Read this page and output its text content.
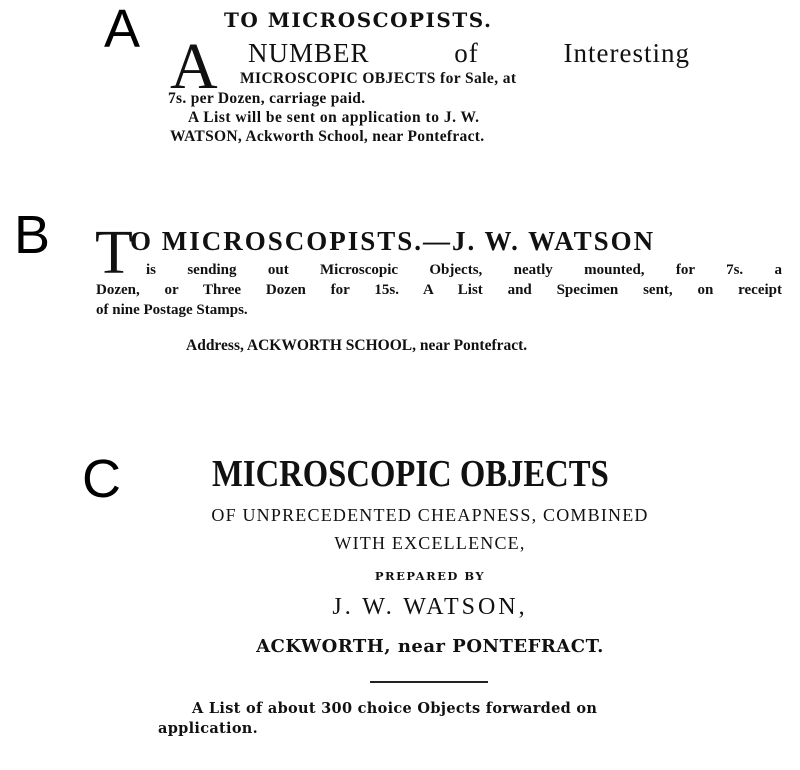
A	TO MICROSCOPISTS.
A NUMBER	of	Interesting
MICROSCOPIC OBJECTS for Sale, at
7s. per Dozen, carriage paid.
A List will be sent on application to J. W.
WATSON, Ackworth School, near Pontefract.
B T
O MICROSCOPISTS.—J. W. WATSON
is sending out Microscopic Objects, neatly mounted, for 7s. a
Dozen, or Three Dozen for 15s. A List and Specimen sent, on receipt
of nine Postage Stamps.
Address, ACKWORTH SCHOOL, near Pontefract.
C MICROSCOPIC OBJECTS
OF UNPRECEDENTED CHEAPNESS, COMBINED
WITH EXCELLENCE,
PREPARED BY
J. W. WATSON,
ACKWORTH, near PONTEFRACT.
A List of about 300 choice Objects forwarded on
application.
